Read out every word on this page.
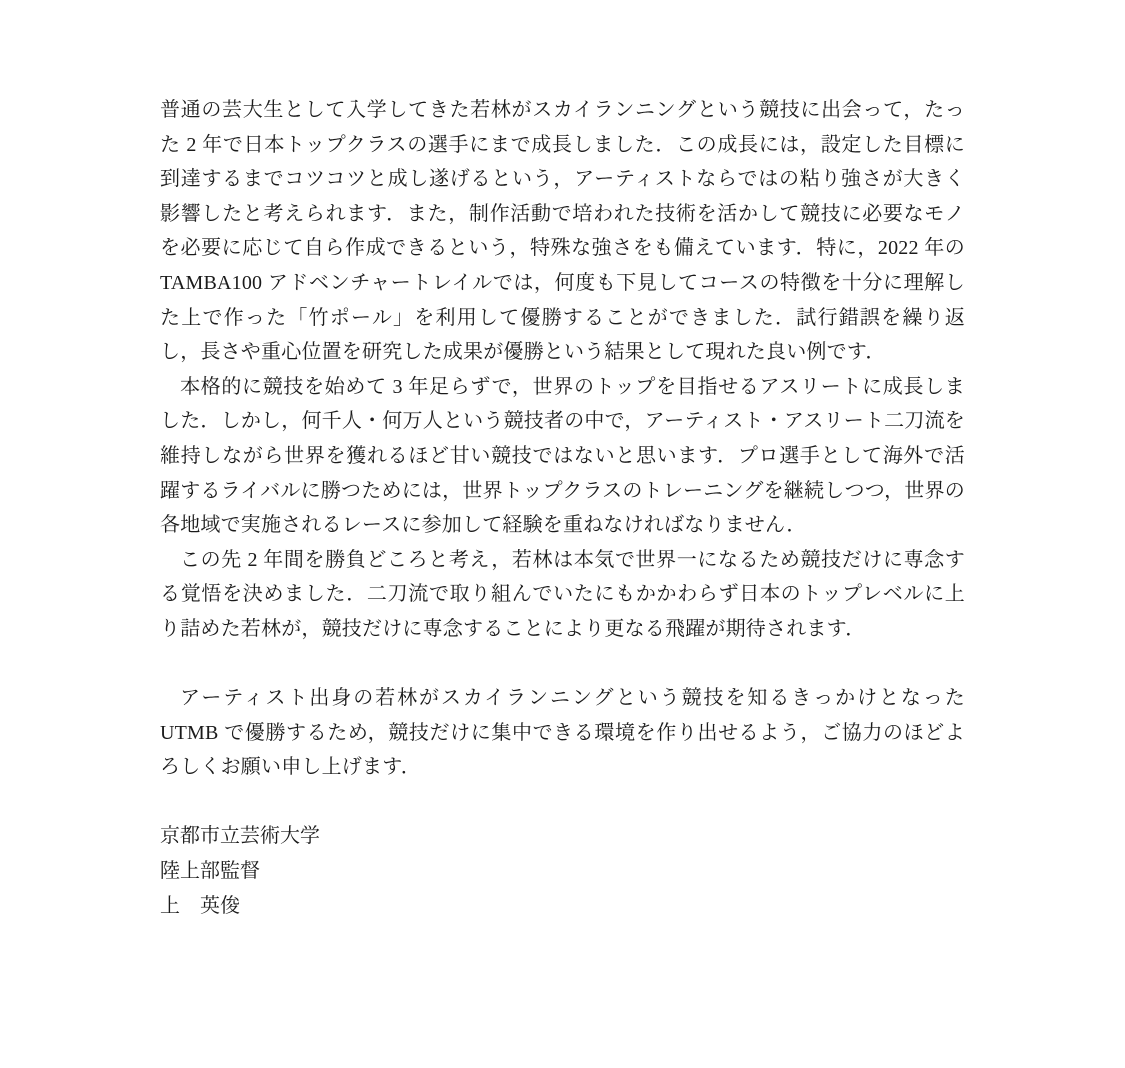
普通の芸大生として入学してきた若林がスカイランニングという競技に出会って，たった 2 年で日本トップクラスの選手にまで成長しました．この成長には，設定した目標に到達するまでコツコツと成し遂げるという，アーティストならではの粘り強さが大きく影響したと考えられます．また，制作活動で培われた技術を活かして競技に必要なモノを必要に応じて自ら作成できるという，特殊な強さをも備えています．特に，2022 年の TAMBA100 アドベンチャートレイルでは，何度も下見してコースの特徴を十分に理解した上で作った「竹ポール」を利用して優勝することができました．試行錯誤を繰り返し，長さや重心位置を研究した成果が優勝という結果として現れた良い例です．

本格的に競技を始めて 3 年足らずで，世界のトップを目指せるアスリートに成長しました．しかし，何千人・何万人という競技者の中で，アーティスト・アスリート二刀流を維持しながら世界を獲れるほど甘い競技ではないと思います．プロ選手として海外で活躍するライバルに勝つためには，世界トップクラスのトレーニングを継続しつつ，世界の各地域で実施されるレースに参加して経験を重ねなければなりません．

この先 2 年間を勝負どころと考え，若林は本気で世界一になるため競技だけに専念する覚悟を決めました．二刀流で取り組んでいたにもかかわらず日本のトップレベルに上り詰めた若林が，競技だけに専念することにより更なる飛躍が期待されます．

アーティスト出身の若林がスカイランニングという競技を知るきっかけとなった UTMB で優勝するため，競技だけに集中できる環境を作り出せるよう，ご協力のほどよろしくお願い申し上げます．

京都市立芸術大学
陸上部監督
上　英俊
